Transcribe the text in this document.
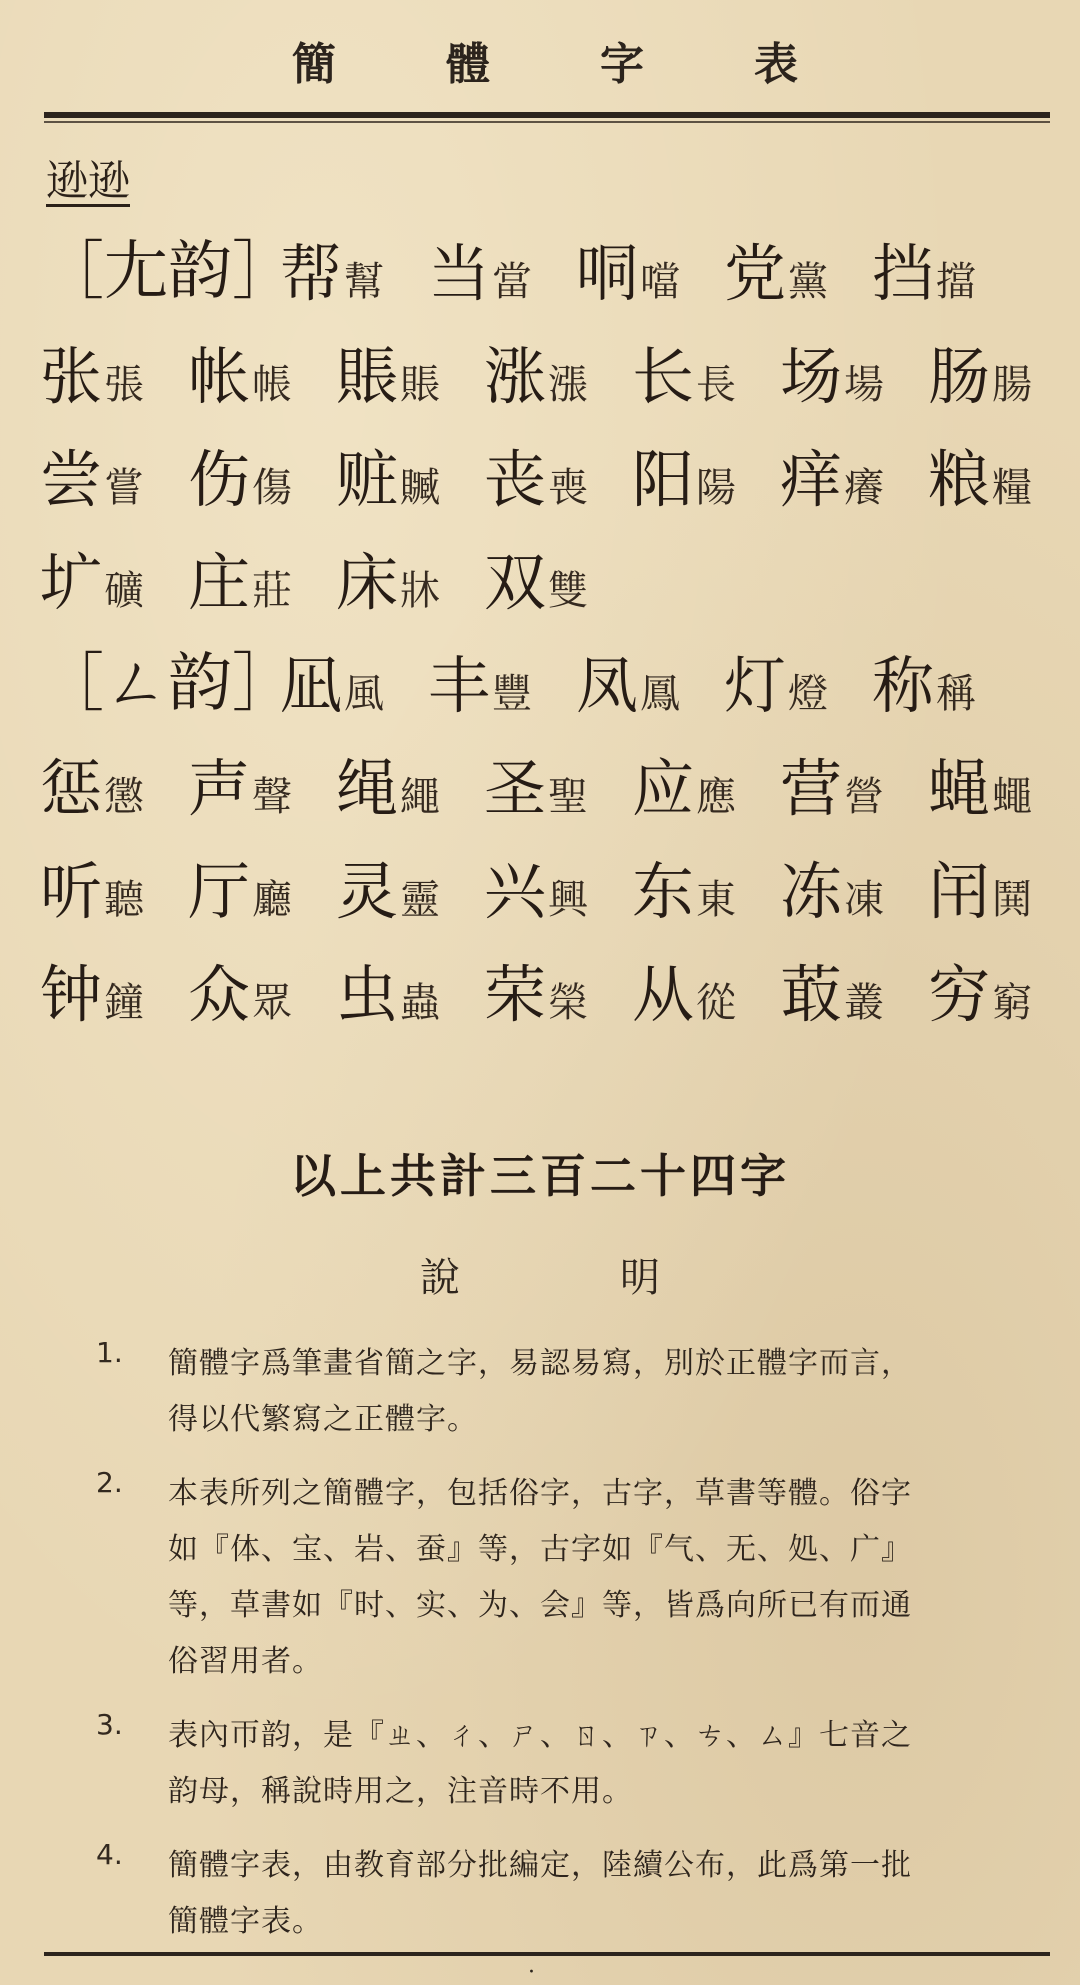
簡體字表
逊逊
［尢韵］
帮幫 当當 哃噹 党黨 挡擋
张張 帐帳 賬賬 涨漲 长長 场場 肠腸
尝嘗 伤傷 赃贓 丧喪 阳陽 痒癢 粮糧
圹礦 庄莊 床牀 双雙
［ㄥ韵］
凪風 丰豐 凤鳳 灯燈 称稱
惩懲 声聲 绳繩 圣聖 应應 营營 蝇蠅
听聽 厅廳 灵靈 兴興 东東 冻凍 闬鬨
钟鐘 众眾 虫蟲 荣榮 从從 菆叢 穷窮
以上共計三百二十四字
說明
1. 簡體字爲筆畫省簡之字，易認易寫，別於正體字而言，
得以代繁寫之正體字。
2. 本表所列之簡體字，包括俗字，古字，草書等體。俗字
如『体、宝、岩、蚕』等，古字如『气、无、処、广』
等，草書如『时、实、为、会』等，皆爲向所已有而通
俗習用者。
3. 表內帀韵，是『ㄓ、ㄔ、ㄕ、ㄖ、ㄗ、ㄘ、ㄙ』七音之
韵母，稱說時用之，注音時不用。
4. 簡體字表，由教育部分批編定，陸續公布，此爲第一批
簡體字表。
·
